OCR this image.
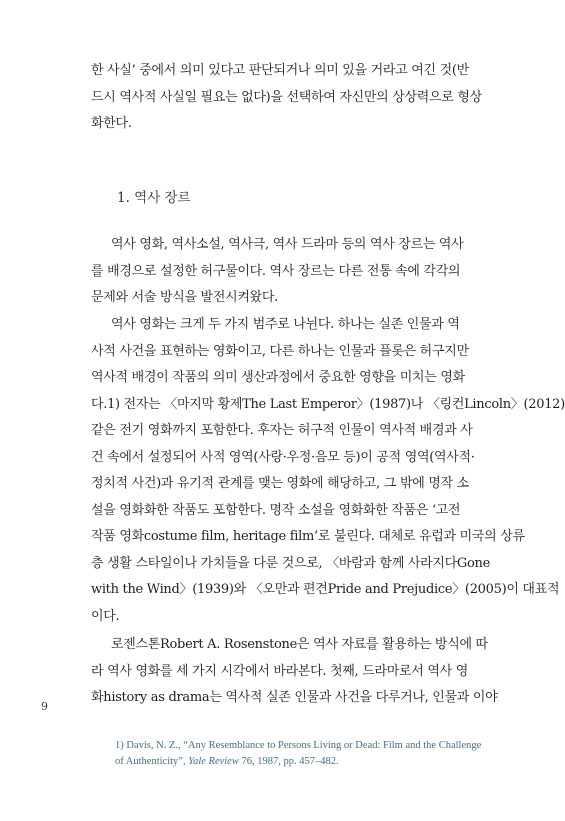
한 사실’ 중에서 의미 있다고 판단되거나 의미 있을 거라고 여긴 것(반
드시 역사적 사실일 필요는 없다)을 선택하여 자신만의 상상력으로 형상
화한다.

1. 역사 장르

역사 영화, 역사소설, 역사극, 역사 드라마 등의 역사 장르는 역사
를 배경으로 설정한 허구물이다. 역사 장르는 다른 전통 속에 각각의
문제와 서술 방식을 발전시켜왔다.

역사 영화는 크게 두 가지 범주로 나뉜다. 하나는 실존 인물과 역
사적 사건을 표현하는 영화이고, 다른 하나는 인물과 플롯은 허구지만
역사적 배경이 작품의 의미 생산과정에서 중요한 영향을 미치는 영화
다.1) 전자는 〈마지막 황제The Last Emperor〉(1987)나 〈링컨Lincoln〉(2012)
같은 전기 영화까지 포함한다. 후자는 허구적 인물이 역사적 배경과 사
건 속에서 설정되어 사적 영역(사랑·우정·음모 등)이 공적 영역(역사적·
정치적 사건)과 유기적 관계를 맺는 영화에 해당하고, 그 밖에 명작 소
설을 영화화한 작품도 포함한다. 명작 소설을 영화화한 작품은 ‘고전
작품 영화costume film, heritage film’로 불린다. 대체로 유럽과 미국의 상류
층 생활 스타일이나 가치들을 다룬 것으로, 〈바람과 함께 사라지다Gone
with the Wind〉(1939)와 〈오만과 편견Pride and Prejudice〉(2005)이 대표적
이다.

로젠스톤Robert A. Rosenstone은 역사 자료를 활용하는 방식에 따
라 역사 영화를 세 가지 시각에서 바라본다. 첫째, 드라마로서 역사 영
화history as drama는 역사적 실존 인물과 사건을 다루거나, 인물과 이야

9
1) Davis, N. Z., “Any Resemblance to Persons Living or Dead: Film and the Challenge of Authenticity”, Yale Review 76, 1987, pp. 457–482.
